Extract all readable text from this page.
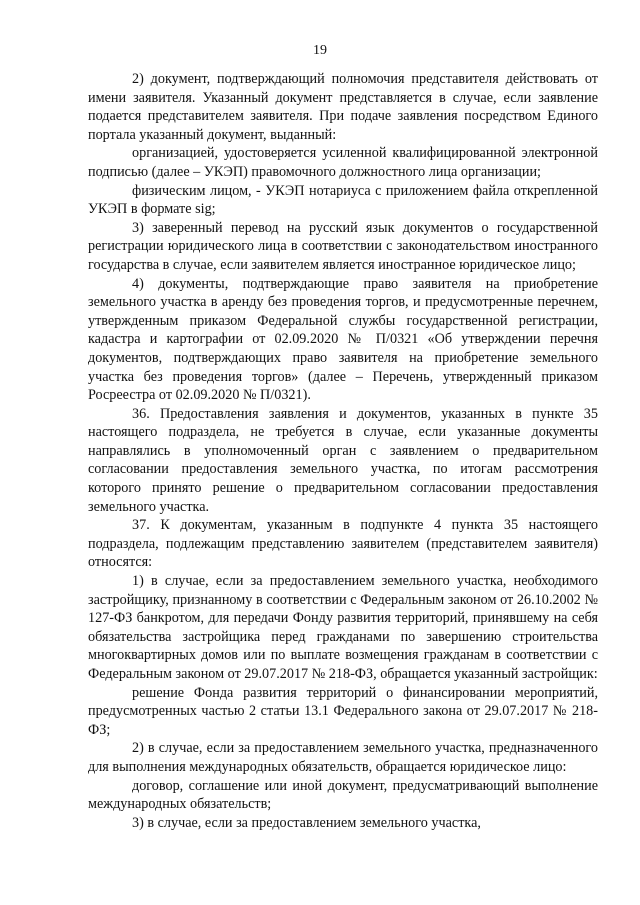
19

2) документ, подтверждающий полномочия представителя действовать от имени заявителя. Указанный документ представляется в случае, если заявление подается представителем заявителя. При подаче заявления посредством Единого портала указанный документ, выданный:

организацией, удостоверяется усиленной квалифицированной электронной подписью (далее – УКЭП) правомочного должностного лица организации;

физическим лицом, - УКЭП нотариуса с приложением файла открепленной УКЭП в формате sig;

3) заверенный перевод на русский язык документов о государственной регистрации юридического лица в соответствии с законодательством иностранного государства в случае, если заявителем является иностранное юридическое лицо;

4) документы, подтверждающие право заявителя на приобретение земельного участка в аренду без проведения торгов, и предусмотренные перечнем, утвержденным приказом Федеральной службы государственной регистрации, кадастра и картографии от 02.09.2020 № П/0321 «Об утверждении перечня документов, подтверждающих право заявителя на приобретение земельного участка без проведения торгов» (далее – Перечень, утвержденный приказом Росреестра от 02.09.2020 № П/0321).

36. Предоставления заявления и документов, указанных в пункте 35 настоящего подраздела, не требуется в случае, если указанные документы направлялись в уполномоченный орган с заявлением о предварительном согласовании предоставления земельного участка, по итогам рассмотрения которого принято решение о предварительном согласовании предоставления земельного участка.

37. К документам, указанным в подпункте 4 пункта 35 настоящего подраздела, подлежащим представлению заявителем (представителем заявителя) относятся:

1) в случае, если за предоставлением земельного участка, необходимого застройщику, признанному в соответствии с Федеральным законом от 26.10.2002 № 127-ФЗ банкротом, для передачи Фонду развития территорий, принявшему на себя обязательства застройщика перед гражданами по завершению строительства многоквартирных домов или по выплате возмещения гражданам в соответствии с Федеральным законом от 29.07.2017 № 218-ФЗ, обращается указанный застройщик:

решение Фонда развития территорий о финансировании мероприятий, предусмотренных частью 2 статьи 13.1 Федерального закона от 29.07.2017 № 218-ФЗ;

2) в случае, если за предоставлением земельного участка, предназначенного для выполнения международных обязательств, обращается юридическое лицо:

договор, соглашение или иной документ, предусматривающий выполнение международных обязательств;

3) в случае, если за предоставлением земельного участка,
